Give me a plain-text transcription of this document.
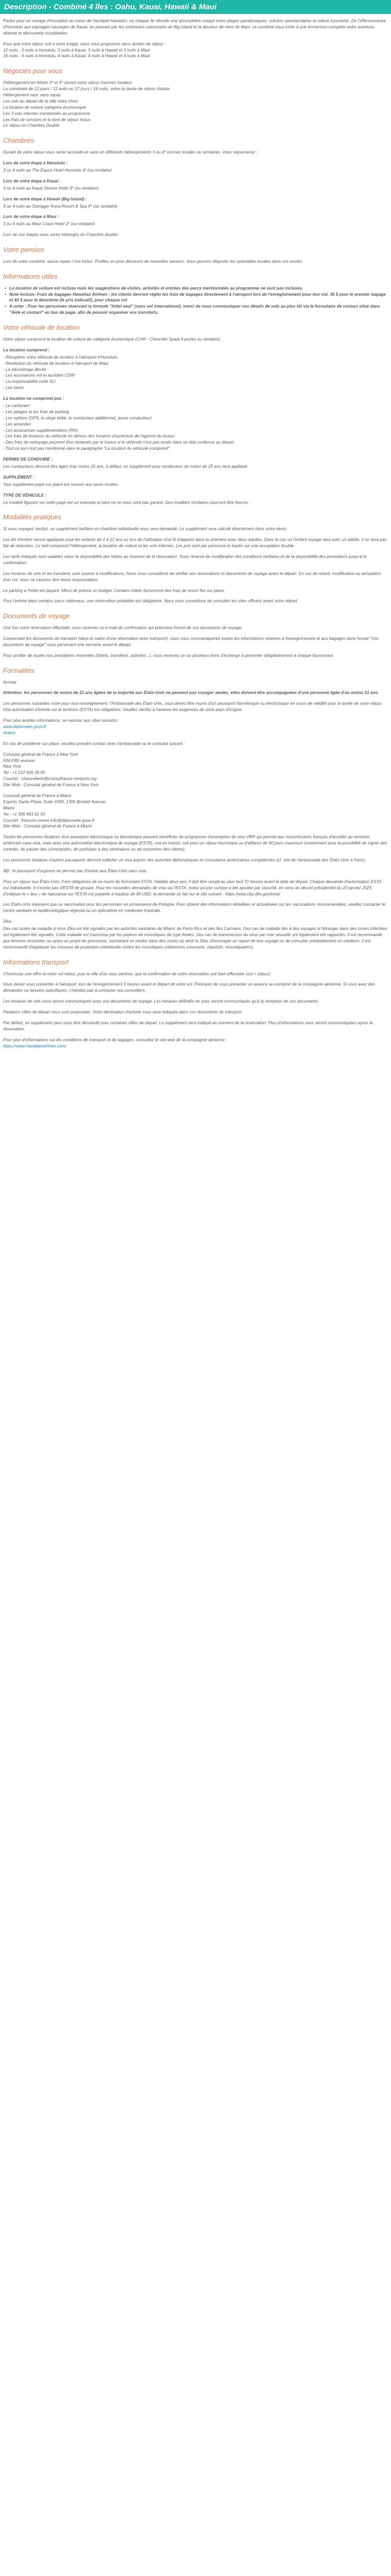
Description - Combiné 4 îles : Oahu, Kauai, Hawaii & Maui

Partez pour un voyage d'exception au coeur de l'archipel hawaiien, où chaque île dévoile une atmosphère unique entre plages paradisiaques, volcans spectaculaires et nature luxuriante. De l'effervescence d'Honolulu aux paysages sauvages de Kauai, en passant par les contrastes saisissants de Big Island et la douceur de vivre de Maui, ce combiné vous invite à une immersion complète entre aventure, détente et découverte inoubliables.

Pour que votre séjour soit à votre image, nous vous proposons deux durées de séjour :
12 nuits : 3 nuits à Honolulu, 3 nuits à Kauai, 3 nuits à Hawaii et 3 nuits à Maui
16 nuits : 4 nuits à Honolulu, 4 nuits à Kauai, 4 nuits à Hawaii et 4 nuits à Maui

Négociés pour vous
l'hébergement en hôtels 3* et 4* durant votre séjour (normes locales)
La combinée de 12 jours / 12 nuits ou 17 jours / 16 nuits, selon la durée de séjour choisie
Hébergement seul, sans repas
Les vols au départ de la ville votre choix
La location de voiture catégorie économique
Les 3 vols internes mentionnés au programme
Les frais de services et la taxe de séjour inclus
Le séjour en Chambre Double
Chambres

Durant de votre séjour vous serez accueilli·es sans en différents hébergements 3 ou 4* normes locales ou similaires. Vous séjournerez :

Lors de votre étape à Honolulu :
3 ou 4 nuits au The Equus Hotel Honolulu 4* (ou similaire)
Lors de votre étape à Kauai :
3 ou 4 nuits au Kauai Shores Hotel 3* (ou similaire)
Lors de votre étape à Hawaii (Big Island) :
3 ou 4 nuits au Outrigger Kona Resort & Spa 4* (ou similaire)
Lors de votre étape à Maui :
3 ou 4 nuits au Maui Coast Hotel 3* (ou similaire)

Lors de vos étapes vous serez hébergés en Chambre double.

Votre pension

Lors de votre combiné, aucun repas n'est inclus. Profitez en pour découvrir de nouvelles saveurs. Vous pourrez déguster les spécialités locales dans vos envies

Informations utiles
• La location de voiture est incluse mais les suggestions de visites, activités et entrées des parcs mentionnées au programme ne sont pas incluses.
• Note incluse: Frais de bagages Hawaiian Airlines : les clients devront régler les frais de bagages directement à l'aéroport lors de l'enregistrement pour leur vol. 30 $ pour le premier bagage et 40 $ pour le deuxième (le prix indicatif), pour chaque vol
• A noter : Pour les personnes réservant la formule "hôtel seul" (sans vol international), merci de nous communiquer vos détails de vols au plus tôt via le formulaire de contact situé dans "Aide et contact" en bas de page, afin de pouvoir organiser vos transferts.
Votre véhicule de location

Votre séjour comprend la location de voiture de catégorie économique (CAR - Chevrolet Spark 4 portes ou similaire).

La location comprend :
- Récupérer votre véhicule de location à l'aéroport d'Honolulu
- Restitution du véhicule de location à l'aéroport de Maui
- Le kilométrage illimité
- Les assurances vol et accident CDW
- La responsabilité civile SLI
- Les taxes
La location ne comprend pas :
- Le carburant
- Les péages et les frais de parking
- Les options (GPS, le siège bébé, le conducteur additionnel, jeune conducteur)
- Les amendes
- Les assurances supplémentaires (PAI)
- Les frais de livraison du véhicule en dehors des horaires d'ouverture de l'agence du loueur
- Des frais de nettoyage pourront être réclamés par le loueur si le véhicule n'est pas rendu dans un état conforme au départ.
- Tout ce qui n'est pas mentionné dans le paragraphe "La location du véhicule comprend"
PERMIS DE CONDUIRE :
Les conducteurs devront être âgés d'au moins 25 ans, à défaut, un supplément pour conducteur de moins de 25 ans sera appliqué.
SUPPLÉMENT :
Tout supplément payé sur place est soumis aux taxes locales
TYPE DE VÉHICULE :
Le modèle figurant sur cette page est un exemple et peut ne se vous sera pas garanti. Des modèles similaires pourront être fournis.
Modalités pratiques

Si vous voyagez seul(e), un supplément tarifaire en chambre individuelle vous sera demandé. Le supplément sera calculé directement dans votre devis.

Les lits d'enfant seront appliqués pour les enfants de 2 à 12 ans ou lors de l'utilisation d'un lit d'appoint dans la chambre avec deux adultes. Dans le cas où l'enfant voyage seul avec un adulte, il ne sera pas fait de réduction. Le tarif comprend l'hébergement, la location de voiture et les vols internes. Les prix sont par personne et basés sur une occupation double.

Les tarifs indiqués sont valables selon la disponibilité des hôtels au moment de la réservation. Sous réserve de modification des conditions tarifaires et de la disponibilité des prestations jusqu'à la confirmation.

Les horaires de vols et les transferts sont soumis à modifications. Nous vous conseillons de vérifier vos réservations et documents de voyage avant le départ. En cas de retard, modification ou annulation d'un vol, nous ne saurons être tenus responsables.

Le parking à l'hôtel est payant. Merci de prévoir un budget. Certains hôtels factureront des frais de resort fee sur place.

Pour l'entrée dans certains parcs nationaux, une réservation préalable est obligatoire. Nous vous conseillons de consulter les sites officiels avant votre départ.

Documents de voyage

Une fois votre réservation effectuée, vous recevrez un e-mail de confirmation qui précisera l'envoi de vos documents de voyage.

Concernant les documents de transport (dans le cadre d'une réservation avec transport), vous vous communiquerez toutes les informations relatives à l'enregistrement et aux bagages dans l'email "Vos documents de voyage" vous parvenant une semaine avant le départ.

Pour profiter de toutes nos prestations réservées (hôtels, transferts, activités...), vous recevrez un ou plusieurs bons d'échange à présenter obligatoirement à chaque fournisseur.

Formalités

Arrivée

Attention, les personnes de moins de 21 ans âgées de la majorité aux États-Unis ne peuvent pas voyager seules, elles doivent être accompagnées d'une personne âgée d'au moins 21 ans.

Les personnes suivantes votre pour tout renseignement: l'Ambassade des États-Unis, vous devez être munis d'un passeport biométrique ou électronique en cours de validité pour la durée de votre séjour. Une autorisation d'entrée sur le territoire (ESTA) est obligatoire. Veuillez vérifier à l'avance les exigences de votre pays d'origine.

Pour plus amples informations, se reporter aux sites suivants :

www.diplomatie.gouv.fr

Ariane

En cas de problème sur place, veuillez prendre contact avec l'ambassade ou le consulat suivant :

Consulat général de France à New York
934 Fifth avenue
New York
Tel : +1 212 606 36 00
Courriel : chancellerie@consulfrance-newyork.org
Site Web : Consulat général de France à New York

Consulat général de France à Miami
Espirito Santo Plaza, Suite 1050, 1395 Brickell Avenue
Miami
Tel : +1 305 403 41 50
Courriel : francois.moore.info@diplomatie.gouv.fr
Site Web : Consulat général de France à Miami

Toutes les personnes titulaires d'un passeport électronique ou biométrique peuvent bénéficier du programme d'exemption de visa VWP qui permet aux ressortissants français d'accéder au territoire américain sans visa, mais avec une autorisation électronique de voyage (ESTA), soit en transit, soit pour un séjour touristique ou d'affaires de 90 jours maximum (notamment pour la possibilité de signer des contrats, de passer des commandes, de participer à des séminaires ou de rencontrer des clients).

Les personnes titulaires d'autres passeports devront solliciter un visa auprès des autorités diplomatiques et consulaires américaines compétentes (cf. site de l'ambassade des États-Unis à Paris).

NB : le passeport d'urgence ne permet pas d'entrer aux États-Unis sans visa.

Pour un séjour aux États-Unis, il est obligatoire de se munir du formulaire ESTA. Valable deux ans, il doit être rempli au plus tard 72 heures avant la date de départ. Chaque demande d'autorisation ESTA est individuelle. Il n'existe pas d'ESTA de groupe. Pour les nouvelles demandes de visa via l'ESTA, notez qu'une surtaxe a été ajoutée par sécurité, en vertu du décret présidentiel du 20 janvier 2025, d'indiquer le « lieu » de naissance sur l'ESTA est payante à hauteur de 40 USD. la demande se fait sur le site suivant : https://esta.cbp.dhs.gov/esta/

Les États-Unis imposent que ou vaccination pour les personnes en provenance de Pologne. Pour obtenir des informations détaillées et actualisées sur les vaccinations recommandées, veuillez contacter le centre sanitaire et épidémiologique régional ou un spécialiste en médecine tropicale.

Zika :

Des cas isolés de maladie à virus Zika ont été signalés par les autorités sanitaires de Miami, de Porto Rico et des îles Caïmans. Des cas de maladie liés à des voyages à l'étranger dans des zones infectées ont également été signalés. Cette maladie est transmise par les piqûres de moustiques de type Aedes. Des cas de transmission du virus par voie sexuelle ont également été rapportés. Il est recommandé aux femmes enceintes ou ayant un projet de grossesse, souhaitant se rendre dans des zones où sévit le Zika, d'envisager un report de leur voyage ou de consulter préalablement un médecin. Il est recommandé d'appliquer les mesures de protection individuelle contre les moustiques (vêtements couvrants, répulsifs, moustiquaires).

Informations transport

Choisissez une offre et votre vol retour, puis la ville d'où vous partirez, que la confirmation de votre réservation soit bien effectuée (vol + séjour).

Vous devez vous présenter à l'aéroport, lors de l'enregistrement 3 heures avant le départ de votre vol. Prévoyez de vous présenter en avance au comptoir de la compagnie aérienne. Si vous avez des demandes ou besoins spécifiques, n'hésitez pas à contacter nos conseillers.

Les horaires de vols vous seront communiqués avec vos documents de voyage. Les horaires définitifs ne vous seront communiqués qu'à la réception de vos documents.

Plusieurs villes de départ vous sont proposées. Votre destination d'arrivée vous sera indiquée dans vos documents de transport.

Par défaut, un supplément peut vous être demandé pour certaines villes de départ. Le supplément sera indiqué au moment de la réservation. Plus d'informations vous seront communiquées après la réservation.

Pour plus d'informations sur les conditions de transport et de bagages, consultez le site web de la compagnie aérienne :

https://www.hawaiianairlines.com/
